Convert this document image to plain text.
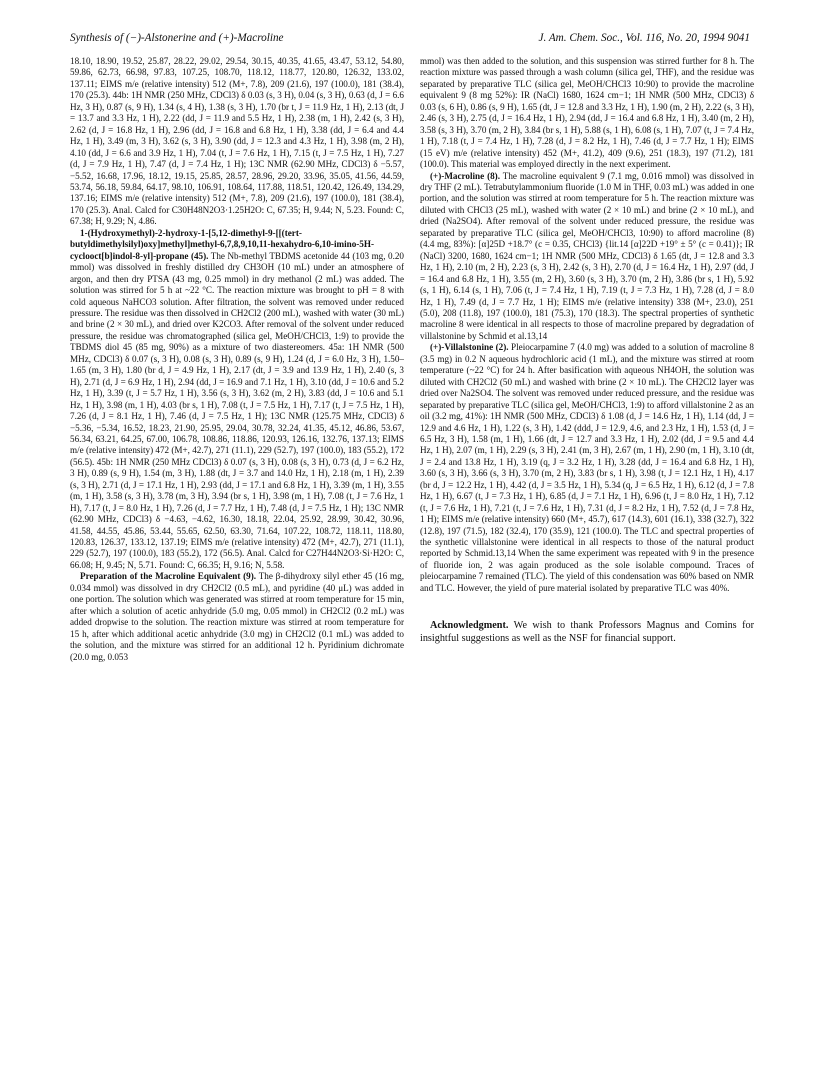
Synthesis of (−)-Alstonerine and (+)-Macroline	J. Am. Chem. Soc., Vol. 116, No. 20, 1994 9041

18.10, 18.90, 19.52, 25.87, 28.22, 29.02, 29.54, 30.15, 40.35, 41.65, 43.47, 53.12, 54.80, 59.86, 62.73, 66.98, 97.83, 107.25, 108.70, 118.12, 118.77, 120.80, 126.32, 133.02, 137.11; EIMS m/e (relative intensity) 512 (M+, 7.8), 209 (21.6), 197 (100.0), 181 (38.4), 170 (25.3). 44b: 1H NMR (250 MHz, CDCl3) δ 0.03 (s, 3 H), 0.04 (s, 3 H), 0.63 (d, J = 6.6 Hz, 3 H), 0.87 (s, 9 H), 1.34 (s, 4 H), 1.38 (s, 3 H), 1.70 (br t, J = 11.9 Hz, 1 H), 2.13 (dt, J = 13.7 and 3.3 Hz, 1 H), 2.22 (dd, J = 11.9 and 5.5 Hz, 1 H), 2.38 (m, 1 H), 2.42 (s, 3 H), 2.62 (d, J = 16.8 Hz, 1 H), 2.96 (dd, J = 16.8 and 6.8 Hz, 1 H), 3.38 (dd, J = 6.4 and 4.4 Hz, 1 H), 3.49 (m, 3 H), 3.62 (s, 3 H), 3.90 (dd, J = 12.3 and 4.3 Hz, 1 H), 3.98 (m, 2 H), 4.10 (dd, J = 6.6 and 3.9 Hz, 1 H), 7.04 (t, J = 7.6 Hz, 1 H), 7.15 (t, J = 7.5 Hz, 1 H), 7.27 (d, J = 7.9 Hz, 1 H), 7.47 (d, J = 7.4 Hz, 1 H); 13C NMR (62.90 MHz, CDCl3) δ −5.57, −5.52, 16.68, 17.96, 18.12, 19.15, 25.85, 28.57, 28.96, 29.20, 33.96, 35.05, 41.56, 44.59, 53.74, 56.18, 59.84, 64.17, 98.10, 106.91, 108.64, 117.88, 118.51, 120.42, 126.49, 134.29, 137.16; EIMS m/e (relative intensity) 512 (M+, 7.8), 209 (21.6), 197 (100.0), 181 (38.4), 170 (25.3). Anal. Calcd for C30H48N2O3·1.25H2O: C, 67.35; H, 9.44; N, 5.23. Found: C, 67.38; H, 9.29; N, 4.86.

1-(Hydroxymethyl)-2-hydroxy-1-[5,12-dimethyl-9-[[(tert-butyldimethylsilyl)oxy]methyl]methyl-6,7,8,9,10,11-hexahydro-6,10-imino-5H-cyclooct[b]indol-8-yl]-propane (45). The Nb-methyl TBDMS acetonide 44 (103 mg, 0.20 mmol) was dissolved in freshly distilled dry CH3OH (10 mL) under an atmosphere of argon, and then dry PTSA (43 mg, 0.25 mmol) in dry methanol (2 mL) was added. The solution was stirred for 5 h at ~22 °C. The reaction mixture was brought to pH = 8 with cold aqueous NaHCO3 solution. After filtration, the solvent was removed under reduced pressure. The residue was then dissolved in CH2Cl2 (200 mL), washed with water (30 mL) and brine (2 × 30 mL), and dried over K2CO3. After removal of the solvent under reduced pressure, the residue was chromatographed (silica gel, MeOH/CHCl3, 1:9) to provide the TBDMS diol 45 (85 mg, 90%) as a mixture of two diastereomers. 45a: 1H NMR (500 MHz, CDCl3) δ 0.07 (s, 3 H), 0.08 (s, 3 H), 0.89 (s, 9 H), 1.24 (d, J = 6.0 Hz, 3 H), 1.50–1.65 (m, 3 H), 1.80 (br d, J = 4.9 Hz, 1 H), 2.17 (dt, J = 3.9 and 13.9 Hz, 1 H), 2.40 (s, 3 H), 2.71 (d, J = 6.9 Hz, 1 H), 2.94 (dd, J = 16.9 and 7.1 Hz, 1 H), 3.10 (dd, J = 10.6 and 5.2 Hz, 1 H), 3.39 (t, J = 5.7 Hz, 1 H), 3.56 (s, 3 H), 3.62 (m, 2 H), 3.83 (dd, J = 10.6 and 5.1 Hz, 1 H), 3.98 (m, 1 H), 4.03 (br s, 1 H), 7.08 (t, J = 7.5 Hz, 1 H), 7.17 (t, J = 7.5 Hz, 1 H), 7.26 (d, J = 8.1 Hz, 1 H), 7.46 (d, J = 7.5 Hz, 1 H); 13C NMR (125.75 MHz, CDCl3) δ −5.36, −5.34, 16.52, 18.23, 21.90, 25.95, 29.04, 30.78, 32.24, 41.35, 45.12, 46.86, 53.67, 56.34, 63.21, 64.25, 67.00, 106.78, 108.86, 118.86, 120.93, 126.16, 132.76, 137.13; EIMS m/e (relative intensity) 472 (M+, 42.7), 271 (11.1), 229 (52.7), 197 (100.0), 183 (55.2), 172 (56.5). 45b: 1H NMR (250 MHz CDCl3) δ 0.07 (s, 3 H), 0.08 (s, 3 H), 0.73 (d, J = 6.2 Hz, 3 H), 0.89 (s, 9 H), 1.54 (m, 3 H), 1.88 (dt, J = 3.7 and 14.0 Hz, 1 H), 2.18 (m, 1 H), 2.39 (s, 3 H), 2.71 (d, J = 17.1 Hz, 1 H), 2.93 (dd, J = 17.1 and 6.8 Hz, 1 H), 3.39 (m, 1 H), 3.55 (m, 1 H), 3.58 (s, 3 H), 3.78 (m, 3 H), 3.94 (br s, 1 H), 3.98 (m, 1 H), 7.08 (t, J = 7.6 Hz, 1 H), 7.17 (t, J = 8.0 Hz, 1 H), 7.26 (d, J = 7.7 Hz, 1 H), 7.48 (d, J = 7.5 Hz, 1 H); 13C NMR (62.90 MHz, CDCl3) δ −4.63, −4.62, 16.30, 18.18, 22.04, 25.92, 28.99, 30.42, 30.96, 41.58, 44.55, 45.86, 53.44, 55.65, 62.50, 63.30, 71.64, 107.22, 108.72, 118.11, 118.80, 120.83, 126.37, 133.12, 137.19; EIMS m/e (relative intensity) 472 (M+, 42.7), 271 (11.1), 229 (52.7), 197 (100.0), 183 (55.2), 172 (56.5). Anal. Calcd for C27H44N2O3·Si·H2O: C, 66.08; H, 9.45; N, 5.71. Found: C, 66.35; H, 9.16; N, 5.58.

Preparation of the Macroline Equivalent (9). The β-dihydroxy silyl ether 45 (16 mg, 0.034 mmol) was dissolved in dry CH2Cl2 (0.5 mL), and pyridine (40 μL) was added in one portion. The solution which was generated was stirred at room temperature for 15 min, after which a solution of acetic anhydride (5.0 mg, 0.05 mmol) in CH2Cl2 (0.2 mL) was added dropwise to the solution. The reaction mixture was stirred at room temperature for 15 h, after which additional acetic anhydride (3.0 mg) in CH2Cl2 (0.1 mL) was added to the solution, and the mixture was stirred for an additional 12 h. Pyridinium dichromate (20.0 mg, 0.053

mmol) was then added to the solution, and this suspension was stirred further for 8 h. The reaction mixture was passed through a wash column (silica gel, THF), and the residue was separated by preparative TLC (silica gel, MeOH/CHCl3 10:90) to provide the macroline equivalent 9 (8 mg 52%): IR (NaCl) 1680, 1624 cm−1; 1H NMR (500 MHz, CDCl3) δ 0.03 (s, 6 H), 0.86 (s, 9 H), 1.65 (dt, J = 12.8 and 3.3 Hz, 1 H), 1.90 (m, 2 H), 2.22 (s, 3 H), 2.46 (s, 3 H), 2.75 (d, J = 16.4 Hz, 1 H), 2.94 (dd, J = 16.4 and 6.8 Hz, 1 H), 3.40 (m, 2 H), 3.58 (s, 3 H), 3.70 (m, 2 H), 3.84 (br s, 1 H), 5.88 (s, 1 H), 6.08 (s, 1 H), 7.07 (t, J = 7.4 Hz, 1 H), 7.18 (t, J = 7.4 Hz, 1 H), 7.28 (d, J = 8.2 Hz, 1 H), 7.46 (d, J = 7.7 Hz, 1 H); EIMS (15 eV) m/e (relative intensity) 452 (M+, 41.2), 409 (9.6), 251 (18.3), 197 (71.2), 181 (100.0). This material was employed directly in the next experiment.

(+)-Macroline (8). The macroline equivalent 9 (7.1 mg, 0.016 mmol) was dissolved in dry THF (2 mL). Tetrabutylammonium fluoride (1.0 M in THF, 0.03 mL) was added in one portion, and the solution was stirred at room temperature for 5 h. The reaction mixture was diluted with CHCl3 (25 mL), washed with water (2 × 10 mL) and brine (2 × 10 mL), and dried (Na2SO4). After removal of the solvent under reduced pressure, the residue was separated by preparative TLC (silica gel, MeOH/CHCl3, 10:90) to afford macroline (8) (4.4 mg, 83%): [α]25D +18.7° (c = 0.35, CHCl3) {lit.14 [α]22D +19° ± 5° (c = 0.41)}; IR (NaCl) 3200, 1680, 1624 cm−1; 1H NMR (500 MHz, CDCl3) δ 1.65 (dt, J = 12.8 and 3.3 Hz, 1 H), 2.10 (m, 2 H), 2.23 (s, 3 H), 2.42 (s, 3 H), 2.70 (d, J = 16.4 Hz, 1 H), 2.97 (dd, J = 16.4 and 6.8 Hz, 1 H), 3.55 (m, 2 H), 3.60 (s, 3 H), 3.70 (m, 2 H), 3.86 (br s, 1 H), 5.92 (s, 1 H), 6.14 (s, 1 H), 7.06 (t, J = 7.4 Hz, 1 H), 7.19 (t, J = 7.3 Hz, 1 H), 7.28 (d, J = 8.0 Hz, 1 H), 7.49 (d, J = 7.7 Hz, 1 H); EIMS m/e (relative intensity) 338 (M+, 23.0), 251 (5.0), 208 (11.8), 197 (100.0), 181 (75.3), 170 (18.3). The spectral properties of synthetic macroline 8 were identical in all respects to those of macroline prepared by degradation of villalstonine by Schmid et al.13,14

(+)-Villalstonine (2). Pleiocarpamine 7 (4.0 mg) was added to a solution of macroline 8 (3.5 mg) in 0.2 N aqueous hydrochloric acid (1 mL), and the mixture was stirred at room temperature (~22 °C) for 24 h. After basification with aqueous NH4OH, the solution was diluted with CH2Cl2 (50 mL) and washed with brine (2 × 10 mL). The CH2Cl2 layer was dried over Na2SO4. The solvent was removed under reduced pressure, and the residue was separated by preparative TLC (silica gel, MeOH/CHCl3, 1:9) to afford villalstonine 2 as an oil (3.2 mg, 41%): 1H NMR (500 MHz, CDCl3) δ 1.08 (d, J = 14.6 Hz, 1 H), 1.14 (dd, J = 12.9 and 4.6 Hz, 1 H), 1.22 (s, 3 H), 1.42 (ddd, J = 12.9, 4.6, and 2.3 Hz, 1 H), 1.53 (d, J = 6.5 Hz, 3 H), 1.58 (m, 1 H), 1.66 (dt, J = 12.7 and 3.3 Hz, 1 H), 2.02 (dd, J = 9.5 and 4.4 Hz, 1 H), 2.07 (m, 1 H), 2.29 (s, 3 H), 2.41 (m, 3 H), 2.67 (m, 1 H), 2.90 (m, 1 H), 3.10 (dt, J = 2.4 and 13.8 Hz, 1 H), 3.19 (q, J = 3.2 Hz, 1 H), 3.28 (dd, J = 16.4 and 6.8 Hz, 1 H), 3.60 (s, 3 H), 3.66 (s, 3 H), 3.70 (m, 2 H), 3.83 (br s, 1 H), 3.98 (t, J = 12.1 Hz, 1 H), 4.17 (br d, J = 12.2 Hz, 1 H), 4.42 (d, J = 3.5 Hz, 1 H), 5.34 (q, J = 6.5 Hz, 1 H), 6.12 (d, J = 7.8 Hz, 1 H), 6.67 (t, J = 7.3 Hz, 1 H), 6.85 (d, J = 7.1 Hz, 1 H), 6.96 (t, J = 8.0 Hz, 1 H), 7.12 (t, J = 7.6 Hz, 1 H), 7.21 (t, J = 7.6 Hz, 1 H), 7.31 (d, J = 8.2 Hz, 1 H), 7.52 (d, J = 7.8 Hz, 1 H); EIMS m/e (relative intensity) 660 (M+, 45.7), 617 (14.3), 601 (16.1), 338 (32.7), 322 (12.8), 197 (71.5), 182 (32.4), 170 (35.9), 121 (100.0). The TLC and spectral properties of the synthetic villalstonine were identical in all respects to those of the natural product reported by Schmid.13,14 When the same experiment was repeated with 9 in the presence of fluoride ion, 2 was again produced as the sole isolable compound. Traces of pleiocarpamine 7 remained (TLC). The yield of this condensation was 60% based on NMR and TLC. However, the yield of pure material isolated by preparative TLC was 40%.

Acknowledgment. We wish to thank Professors Magnus and Comins for insightful suggestions as well as the NSF for financial support.
